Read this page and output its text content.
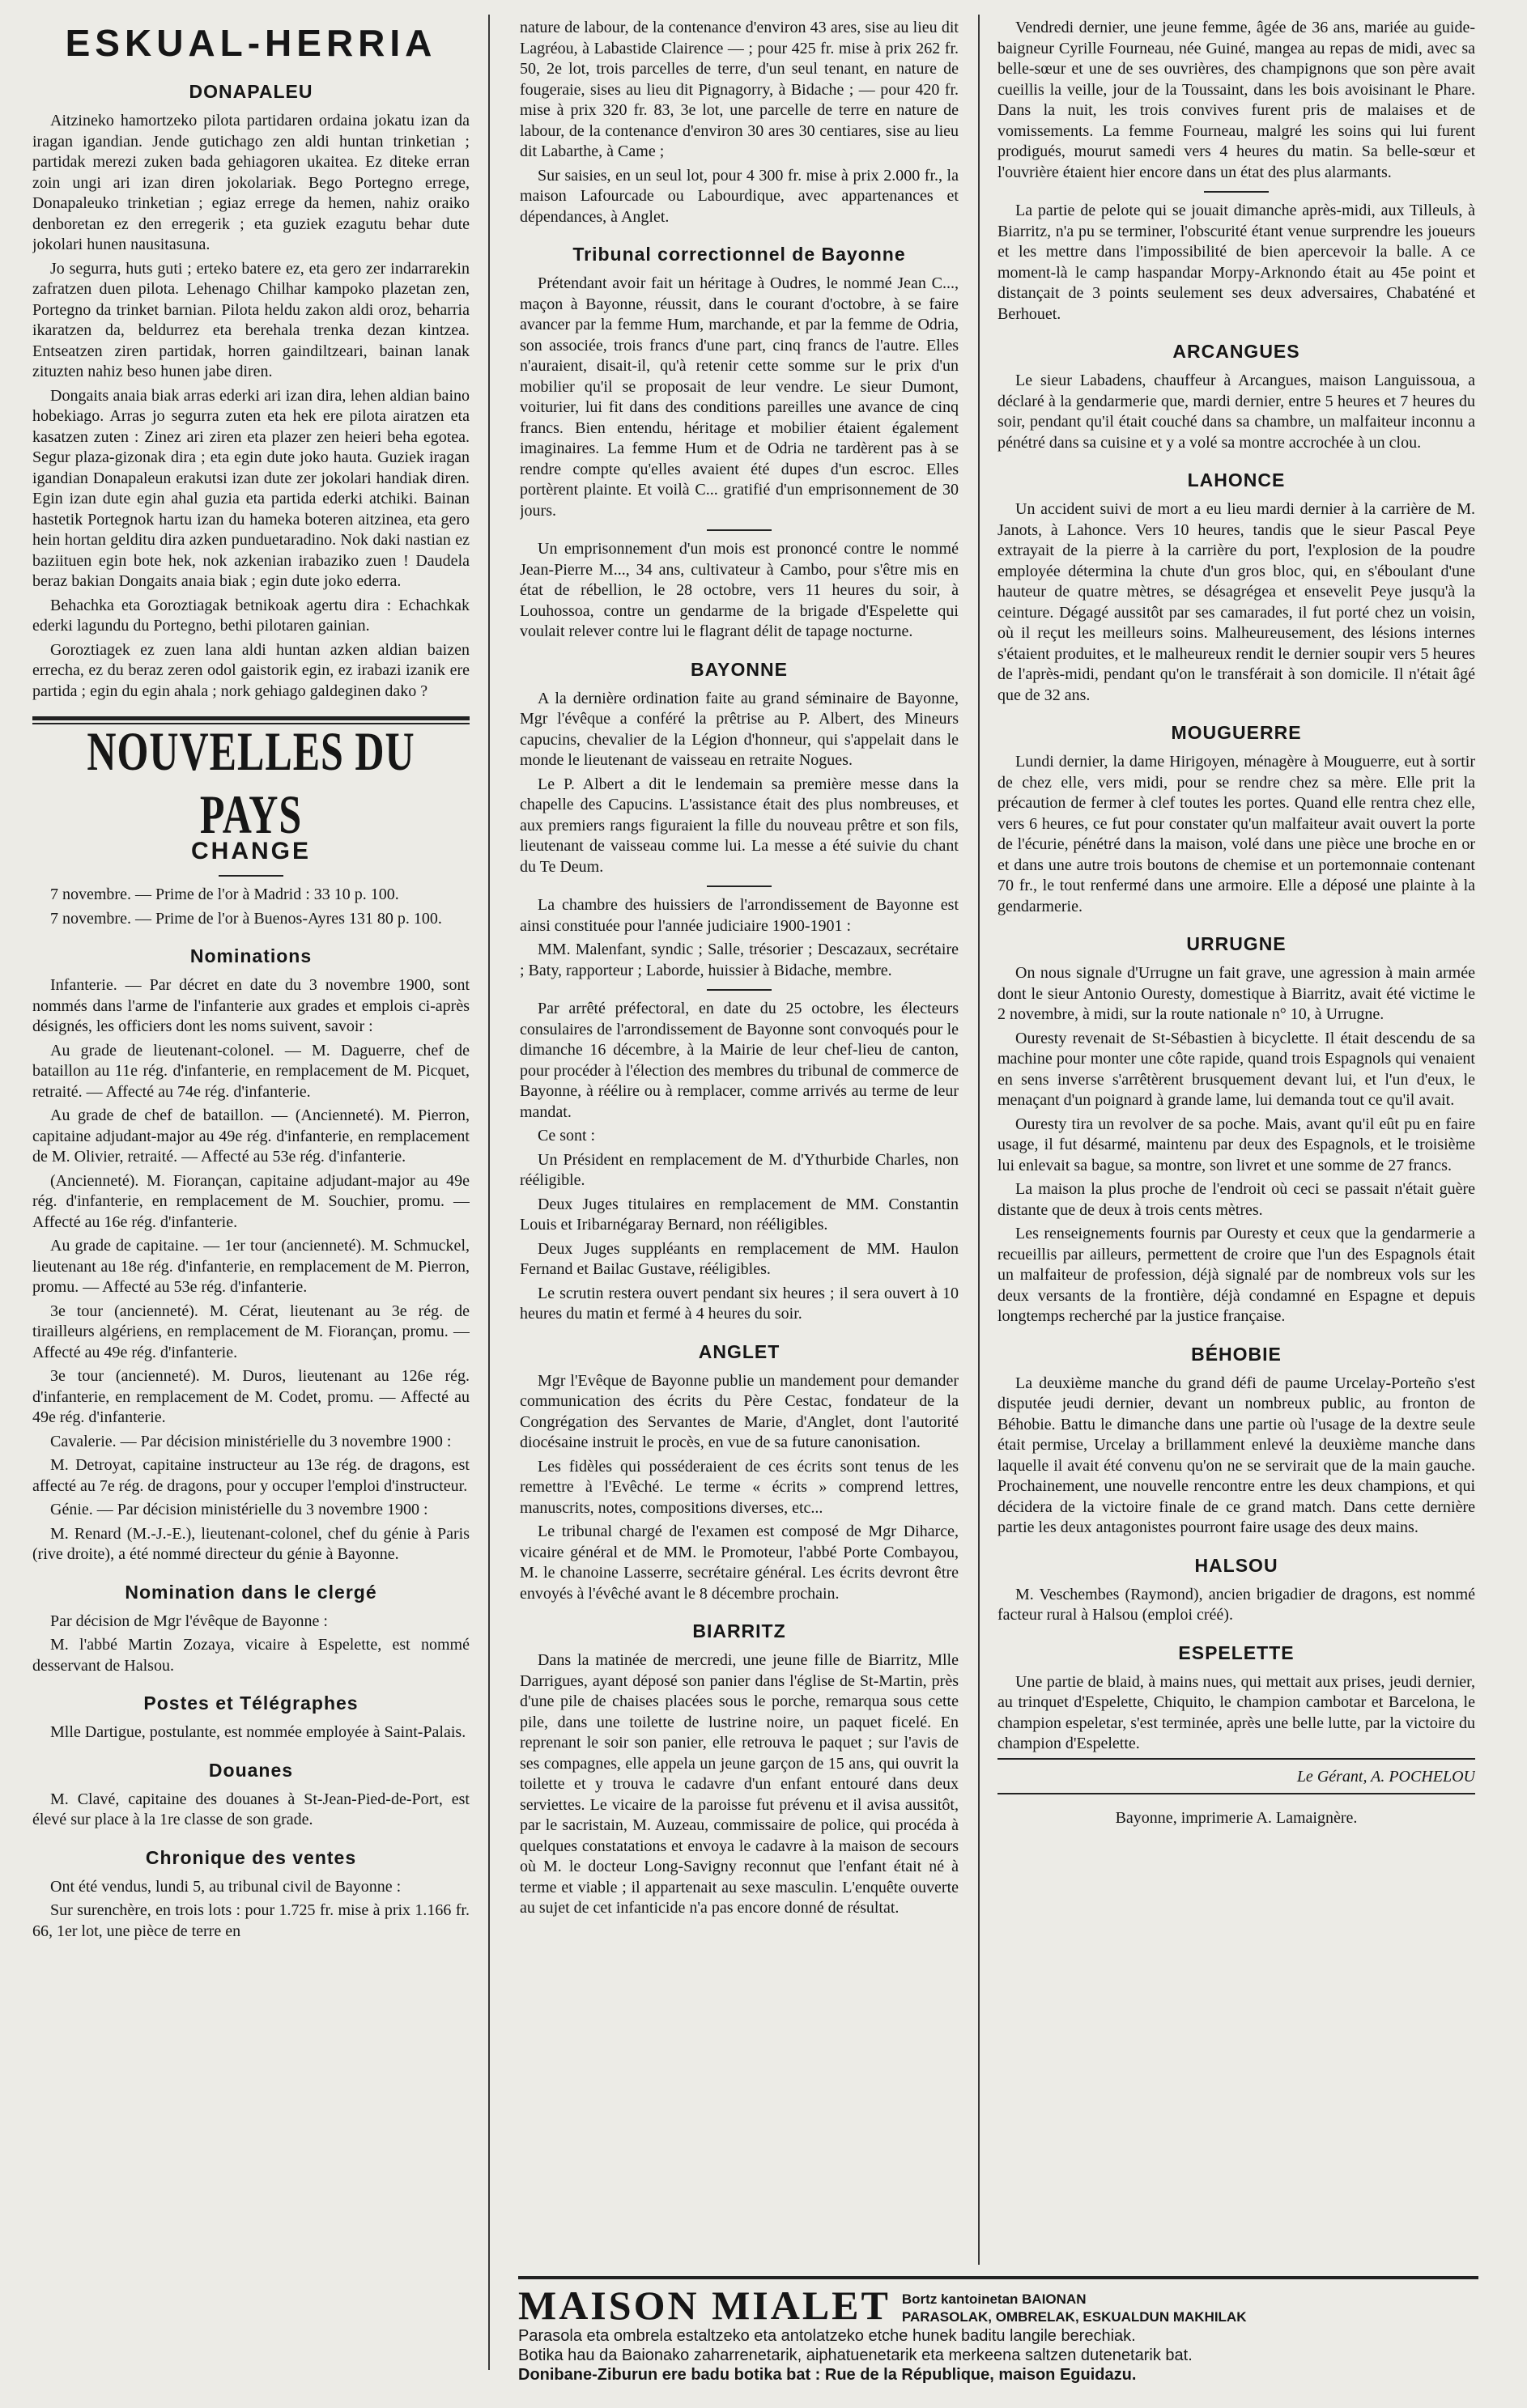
ESKUAL-HERRIA
DONAPALEU

Aitzineko hamortzeko pilota partidaren ordaina jokatu izan da iragan igandian. Jende gutichago zen aldi huntan trinketian ; partidak merezi zuken bada gehiagoren ukaitea. Ez diteke erran zoin ungi ari izan diren jokolariak. Bego Portegno errege, Donapaleuko trinketian ; egiaz errege da hemen, nahiz oraiko denboretan ez den erregerik ; eta guziek ezagutu behar dute jokolari hunen nausitasuna.

Jo segurra, huts guti ; erteko batere ez, eta gero zer indarrarekin zafratzen duen pilota. Lehenago Chilhar kampoko plazetan zen, Portegno da trinket barnian. Pilota heldu zakon aldi oroz, beharria ikaratzen da, beldurrez eta berehala trenka dezan kintzea. Entseatzen ziren partidak, horren gaindiltzeari, bainan lanak zituzten nahiz beso hunen jabe diren.

Dongaits anaia biak arras ederki ari izan dira, lehen aldian baino hobekiago. Arras jo segurra zuten eta hek ere pilota airatzen eta kasatzen zuten : Zinez ari ziren eta plazer zen heieri beha egotea. Segur plaza-gizonak dira ; eta egin dute joko hauta. Guziek iragan igandian Donapaleun erakutsi izan dute zer jokolari handiak diren. Egin izan dute egin ahal guzia eta partida ederki atchiki. Bainan hastetik Portegnok hartu izan du hameka boteren aitzinea, eta gero hein hortan gelditu dira azken punduetaradino. Nok daki nastian ez baziituen egin bote hek, nok azkenian irabaziko zuen ! Daudela beraz bakian Dongaits anaia biak ; egin dute joko ederra.

Behachka eta Goroztiagak betnikoak agertu dira : Echachkak ederki lagundu du Portegno, bethi pilotaren gainian.

Goroztiagek ez zuen lana aldi huntan azken aldian baizen errecha, ez du beraz zeren odol gaistorik egin, ez irabazi izanik ere partida ; egin du egin ahala ; nork gehiago galdeginen dako ?

NOUVELLES DU PAYS
CHANGE

7 novembre. — Prime de l'or à Madrid : 33 10 p. 100.

7 novembre. — Prime de l'or à Buenos-Ayres 131 80 p. 100.

Nominations

Infanterie. — Par décret en date du 3 novembre 1900, sont nommés dans l'arme de l'infanterie aux grades et emplois ci-après désignés, les officiers dont les noms suivent, savoir :

Au grade de lieutenant-colonel. — M. Daguerre, chef de bataillon au 11e rég. d'infanterie, en remplacement de M. Picquet, retraité. — Affecté au 74e rég. d'infanterie.

Au grade de chef de bataillon. — (Ancienneté). M. Pierron, capitaine adjudant-major au 49e rég. d'infanterie, en remplacement de M. Olivier, retraité. — Affecté au 53e rég. d'infanterie.

(Ancienneté). M. Fiorançan, capitaine adjudant-major au 49e rég. d'infanterie, en remplacement de M. Souchier, promu. — Affecté au 16e rég. d'infanterie.

Au grade de capitaine. — 1er tour (ancienneté). M. Schmuckel, lieutenant au 18e rég. d'infanterie, en remplacement de M. Pierron, promu. — Affecté au 53e rég. d'infanterie.

3e tour (ancienneté). M. Cérat, lieutenant au 3e rég. de tirailleurs algériens, en remplacement de M. Fiorançan, promu. — Affecté au 49e rég. d'infanterie.

3e tour (ancienneté). M. Duros, lieutenant au 126e rég. d'infanterie, en remplacement de M. Codet, promu. — Affecté au 49e rég. d'infanterie.

Cavalerie. — Par décision ministérielle du 3 novembre 1900 :

M. Detroyat, capitaine instructeur au 13e rég. de dragons, est affecté au 7e rég. de dragons, pour y occuper l'emploi d'instructeur.

Génie. — Par décision ministérielle du 3 novembre 1900 :

M. Renard (M.-J.-E.), lieutenant-colonel, chef du génie à Paris (rive droite), a été nommé directeur du génie à Bayonne.

Nomination dans le clergé

Par décision de Mgr l'évêque de Bayonne :

M. l'abbé Martin Zozaya, vicaire à Espelette, est nommé desservant de Halsou.

Postes et Télégraphes

Mlle Dartigue, postulante, est nommée employée à Saint-Palais.

Douanes

M. Clavé, capitaine des douanes à St-Jean-Pied-de-Port, est élevé sur place à la 1re classe de son grade.

Chronique des ventes

Ont été vendus, lundi 5, au tribunal civil de Bayonne :

Sur surenchère, en trois lots : pour 1.725 fr. mise à prix 1.166 fr. 66, 1er lot, une pièce de terre en

nature de labour, de la contenance d'environ 43 ares, sise au lieu dit Lagréou, à Labastide Clairence — ; pour 425 fr. mise à prix 262 fr. 50, 2e lot, trois parcelles de terre, d'un seul tenant, en nature de fougeraie, sises au lieu dit Pignagorry, à Bidache ; — pour 420 fr. mise à prix 320 fr. 83, 3e lot, une parcelle de terre en nature de labour, de la contenance d'environ 30 ares 30 centiares, sise au lieu dit Labarthe, à Came ;

Sur saisies, en un seul lot, pour 4 300 fr. mise à prix 2.000 fr., la maison Lafourcade ou Labourdique, avec appartenances et dépendances, à Anglet.

Tribunal correctionnel de Bayonne

Prétendant avoir fait un héritage à Oudres, le nommé Jean C..., maçon à Bayonne, réussit, dans le courant d'octobre, à se faire avancer par la femme Hum, marchande, et par la femme de Odria, son associée, trois francs d'une part, cinq francs de l'autre. Elles n'auraient, disait-il, qu'à retenir cette somme sur le prix d'un mobilier qu'il se proposait de leur vendre. Le sieur Dumont, voiturier, lui fit dans des conditions pareilles une avance de cinq francs. Bien entendu, héritage et mobilier étaient également imaginaires. La femme Hum et de Odria ne tardèrent pas à se rendre compte qu'elles avaient été dupes d'un escroc. Elles portèrent plainte. Et voilà C... gratifié d'un emprisonnement de 30 jours.

Un emprisonnement d'un mois est prononcé contre le nommé Jean-Pierre M..., 34 ans, cultivateur à Cambo, pour s'être mis en état de rébellion, le 28 octobre, vers 11 heures du soir, à Louhossoa, contre un gendarme de la brigade d'Espelette qui voulait relever contre lui le flagrant délit de tapage nocturne.

BAYONNE

A la dernière ordination faite au grand séminaire de Bayonne, Mgr l'évêque a conféré la prêtrise au P. Albert, des Mineurs capucins, chevalier de la Légion d'honneur, qui s'appelait dans le monde le lieutenant de vaisseau en retraite Nogues.

Le P. Albert a dit le lendemain sa première messe dans la chapelle des Capucins. L'assistance était des plus nombreuses, et aux premiers rangs figuraient la fille du nouveau prêtre et son fils, lieutenant de vaisseau comme lui. La messe a été suivie du chant du Te Deum.

La chambre des huissiers de l'arrondissement de Bayonne est ainsi constituée pour l'année judiciaire 1900-1901 :

MM. Malenfant, syndic ; Salle, trésorier ; Descazaux, secrétaire ; Baty, rapporteur ; Laborde, huissier à Bidache, membre.

Par arrêté préfectoral, en date du 25 octobre, les électeurs consulaires de l'arrondissement de Bayonne sont convoqués pour le dimanche 16 décembre, à la Mairie de leur chef-lieu de canton, pour procéder à l'élection des membres du tribunal de commerce de Bayonne, à réélire ou à remplacer, comme arrivés au terme de leur mandat.

Ce sont :

Un Président en remplacement de M. d'Ythurbide Charles, non rééligible.

Deux Juges titulaires en remplacement de MM. Constantin Louis et Iribarnégaray Bernard, non rééligibles.

Deux Juges suppléants en remplacement de MM. Haulon Fernand et Bailac Gustave, rééligibles.

Le scrutin restera ouvert pendant six heures ; il sera ouvert à 10 heures du matin et fermé à 4 heures du soir.

ANGLET

Mgr l'Evêque de Bayonne publie un mandement pour demander communication des écrits du Père Cestac, fondateur de la Congrégation des Servantes de Marie, d'Anglet, dont l'autorité diocésaine instruit le procès, en vue de sa future canonisation.

Les fidèles qui posséderaient de ces écrits sont tenus de les remettre à l'Evêché. Le terme « écrits » comprend lettres, manuscrits, notes, compositions diverses, etc...

Le tribunal chargé de l'examen est composé de Mgr Diharce, vicaire général et de MM. le Promoteur, l'abbé Porte Combayou, M. le chanoine Lasserre, secrétaire général. Les écrits devront être envoyés à l'évêché avant le 8 décembre prochain.

BIARRITZ

Dans la matinée de mercredi, une jeune fille de Biarritz, Mlle Darrigues, ayant déposé son panier dans l'église de St-Martin, près d'une pile de chaises placées sous le porche, remarqua sous cette pile, dans une toilette de lustrine noire, un paquet ficelé. En reprenant le soir son panier, elle retrouva le paquet ; sur l'avis de ses compagnes, elle appela un jeune garçon de 15 ans, qui ouvrit la toilette et y trouva le cadavre d'un enfant entouré dans deux serviettes. Le vicaire de la paroisse fut prévenu et il avisa aussitôt, par le sacristain, M. Auzeau, commissaire de police, qui procéda à quelques constatations et envoya le cadavre à la maison de secours où M. le docteur Long-Savigny reconnut que l'enfant était né à terme et viable ; il appartenait au sexe masculin. L'enquête ouverte au sujet de cet infanticide n'a pas encore donné de résultat.

Vendredi dernier, une jeune femme, âgée de 36 ans, mariée au guide-baigneur Cyrille Fourneau, née Guiné, mangea au repas de midi, avec sa belle-sœur et une de ses ouvrières, des champignons que son père avait cueillis la veille, jour de la Toussaint, dans les bois avoisinant le Phare. Dans la nuit, les trois convives furent pris de malaises et de vomissements. La femme Fourneau, malgré les soins qui lui furent prodigués, mourut samedi vers 4 heures du matin. Sa belle-sœur et l'ouvrière étaient hier encore dans un état des plus alarmants.

La partie de pelote qui se jouait dimanche après-midi, aux Tilleuls, à Biarritz, n'a pu se terminer, l'obscurité étant venue surprendre les joueurs et les mettre dans l'impossibilité de bien apercevoir la balle. A ce moment-là le camp haspandar Morpy-Arknondo était au 45e point et distançait de 3 points seulement ses deux adversaires, Chabaténé et Berhouet.

ARCANGUES

Le sieur Labadens, chauffeur à Arcangues, maison Languissoua, a déclaré à la gendarmerie que, mardi dernier, entre 5 heures et 7 heures du soir, pendant qu'il était couché dans sa chambre, un malfaiteur inconnu a pénétré dans sa cuisine et y a volé sa montre accrochée à un clou.

LAHONCE

Un accident suivi de mort a eu lieu mardi dernier à la carrière de M. Janots, à Lahonce. Vers 10 heures, tandis que le sieur Pascal Peye extrayait de la pierre à la carrière du port, l'explosion de la poudre employée détermina la chute d'un gros bloc, qui, en s'éboulant d'une hauteur de quatre mètres, se désagrégea et ensevelit Peye jusqu'à la ceinture. Dégagé aussitôt par ses camarades, il fut porté chez un voisin, où il reçut les meilleurs soins. Malheureusement, des lésions internes s'étaient produites, et le malheureux rendit le dernier soupir vers 5 heures de l'après-midi, pendant qu'on le transférait à son domicile. Il n'était âgé que de 32 ans.

MOUGUERRE

Lundi dernier, la dame Hirigoyen, ménagère à Mouguerre, eut à sortir de chez elle, vers midi, pour se rendre chez sa mère. Elle prit la précaution de fermer à clef toutes les portes. Quand elle rentra chez elle, vers 6 heures, ce fut pour constater qu'un malfaiteur avait ouvert la porte de l'écurie, pénétré dans la maison, volé dans une pièce une broche en or et dans une autre trois boutons de chemise et un portemonnaie contenant 70 fr., le tout renfermé dans une armoire. Elle a déposé une plainte à la gendarmerie.

URRUGNE

On nous signale d'Urrugne un fait grave, une agression à main armée dont le sieur Antonio Ouresty, domestique à Biarritz, avait été victime le 2 novembre, à midi, sur la route nationale n° 10, à Urrugne.

Ouresty revenait de St-Sébastien à bicyclette. Il était descendu de sa machine pour monter une côte rapide, quand trois Espagnols qui venaient en sens inverse s'arrêtèrent brusquement devant lui, et l'un d'eux, le menaçant d'un poignard à grande lame, lui demanda tout ce qu'il avait.

Ouresty tira un revolver de sa poche. Mais, avant qu'il eût pu en faire usage, il fut désarmé, maintenu par deux des Espagnols, et le troisième lui enlevait sa bague, sa montre, son livret et une somme de 27 francs.

La maison la plus proche de l'endroit où ceci se passait n'était guère distante que de deux à trois cents mètres.

Les renseignements fournis par Ouresty et ceux que la gendarmerie a recueillis par ailleurs, permettent de croire que l'un des Espagnols était un malfaiteur de profession, déjà signalé par de nombreux vols sur les deux versants de la frontière, déjà condamné en Espagne et depuis longtemps recherché par la justice française.

BÉHOBIE

La deuxième manche du grand défi de paume Urcelay-Porteño s'est disputée jeudi dernier, devant un nombreux public, au fronton de Béhobie. Battu le dimanche dans une partie où l'usage de la dextre seule était permise, Urcelay a brillamment enlevé la deuxième manche dans laquelle il avait été convenu qu'on ne se servirait que de la main gauche. Prochainement, une nouvelle rencontre entre les deux champions, et qui décidera de la victoire finale de ce grand match. Dans cette dernière partie les deux antagonistes pourront faire usage des deux mains.

HALSOU

M. Veschembes (Raymond), ancien brigadier de dragons, est nommé facteur rural à Halsou (emploi créé).

ESPELETTE

Une partie de blaid, à mains nues, qui mettait aux prises, jeudi dernier, au trinquet d'Espelette, Chiquito, le champion cambotar et Barcelona, le champion espeletar, s'est terminée, après une belle lutte, par la victoire du champion d'Espelette.

Le Gérant, A. POCHELOU
Bayonne, imprimerie A. Lamaignère.
MAISON MIALET Bortz kantoinetan BAIONAN
PARASOLAK, OMBRELAK, ESKUALDUN MAKHILAK
Parasola eta ombrela estaltzeko eta antolatzeko etche hunek baditu langile berechiak.
Botika hau da Baionako zaharrenetarik, aiphatuenetarik eta merkeena saltzen dutenetarik bat.
Donibane-Ziburun ere badu botika bat : Rue de la République, maison Eguidazu.
